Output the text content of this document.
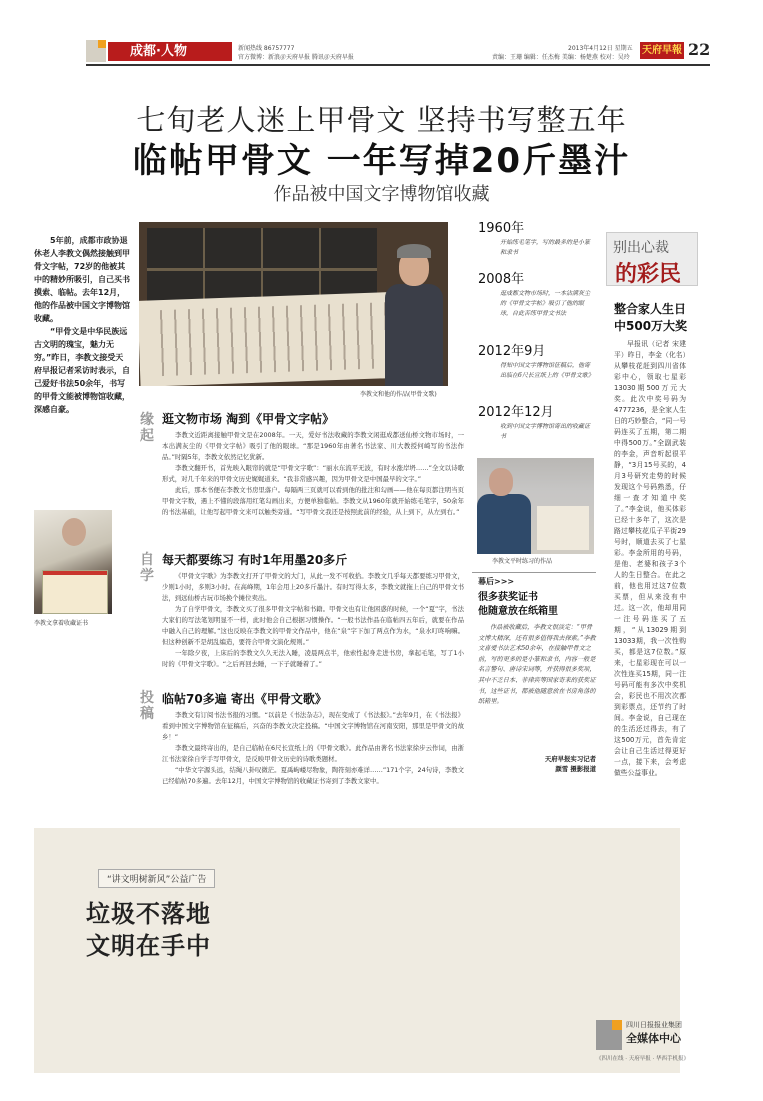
成都·人物	新闻热线 86757777
官方微博：新浪＠天府早报 腾讯＠天府早报
2013年4月12日 星期五
责编：王珊 编辑：任杰梅 美编：杨楚燕 校对：吴玲
天府早報 22
七旬老人迷上甲骨文 坚持书写整五年
临帖甲骨文 一年写掉20斤墨汁
作品被中国文字博物馆收藏

5年前，成都市政协退休老人李教文偶然接触到甲骨文字帖，72岁的他被其中的精妙所吸引，自己买书摸索、临帖。去年12月，他的作品被中国文字博物馆收藏。

“甲骨文是中华民族远古文明的瑰宝，魅力无穷。”昨日，李教文接受天府早报记者采访时表示，自己爱好书法50余年，书写的甲骨文能被博物馆收藏，深感自豪。

李教文拿着收藏证书
李教文和他的作品(甲骨文歌)
缘起
逛文物市场 淘到《甲骨文字帖》

李教文近距离接触甲骨文是在2008年。一天，爱好书法收藏的李教文闲逛成都送仙桥文物市场时，一本出满灰尘的《甲骨文字帖》吸引了他的眼球。“那是1960年由著名书法家、川大教授何崎写的书法作品。”时隔5年，李教文依然记忆犹新。

李教文翻开书，首先映入眼帘的就是“甲骨文字歌”：“丽水东流平无波，有时水涨岸坍……”全文以诗歌形式，对几千年来的甲骨文历史娓娓道来。“我非常感兴趣，因为甲骨文是中国最早的文字。”

此后，那本书便在李教文书房里落户。每隔两三页就可以看到他的批注和勾画——他在每页都注明当页甲骨文字数，遇上不懂的段落用红笔勾画出来，方便单独临帖。李教文从1960年就开始练毛笔字，50余年的书法基础，让他写起甲骨文来可以触类旁通。“写甲骨文我还是按照此前的经验，从上到下，从左到右。”

自学
每天都要练习 有时1年用墨20多斤

《甲骨文字歌》为李教文打开了甲骨文的大门，从此一发不可收拾。李教文几乎每天都要练习甲骨文，少则1小时，多则3小时。在高峰期，1年会用上20多斤墨汁。有时写得太多，李教文就拖上自己的甲骨文书法，到远仙桥古玩市场换个摊位卖出。

为了自学甲骨文，李教文买了很多甲骨文字帖和书籍。甲骨文也有让他困惑的时候，一个“夏”字，书法大家们的写法笔划明显不一样，此时他会自己根据习惯操作。“一般书法作品在临帖四五年后，就要在作品中融入自己的理解。”这也反映在李教文的甲骨文作品中，他在“泉”字下加了两点作为水，“泉水叮咚响嘛。但这种创新不是胡乱编造，要符合甲骨文演化规则。”

一年除夕夜，上床后的李教文久久无法入睡，凌晨两点半，他索性起身走进书房，拿起毛笔，写了1小时的《甲骨文字歌》。“之后再回去睡，一下子就睡着了。”

投稿
临帖70多遍 寄出《甲骨文歌》

李教文有订阅书法书报的习惯。“以前是《书法杂志》，现在变成了《书法报》。”去年9月，在《书法报》看到中国文字博物馆在征稿后，兴奋的李教文决定投稿。“中国文字博物馆在河南安阳，那里是甲骨文的故乡！”

李教文最终寄出的，是自己临帖在6尺长宣纸上的《甲骨文歌》。此作品由著名书法家徐步云作词，由浙江书法家徐自学手写甲骨文，是反映甲骨文历史的诗歌类题材。

“中华文字源头远，结绳八卦叹微茫。夏禹岣嵝尽物象，陶符刻亦难详……”171个字，24句诗，李教文已经临帖70多遍。去年12月，中国文字博物馆的收藏证书寄到了李教文家中。

1960年
开始练毛笔字，写的最多的是小篆和隶书
2008年
逛成都文物市场时，一本沾满灰尘的《甲骨文字帖》吸引了他的眼球，自此苦练甲骨文书法
2012年9月
得知中国文字博物馆征稿后，他寄出临在6尺长宣纸上的《甲骨文歌》
2012年12月
收到中国文字博物馆寄出的收藏证书
李教文平时练习的作品
幕后>>>
很多获奖证书
他随意放在纸箱里
作品被收藏后，李教文很淡定：“甲骨文博大精深，还有很多值得我去探索。”李教文喜爱书法艺术50余年，在接触甲骨文之前，写的更多的是小篆和隶书，内容一般是名言警句、唐诗宋词等，并获得很多奖项，其中不乏日本、菲律宾等国家寄来的获奖证书，这些证书，都被他随意放在书房角落的纸箱里。
天府早报实习记者
颜雪 摄影报道
别出心裁
的彩民
整合家人生日
中500万大奖
早报讯（记者 宋建平）昨日，李金（化名）从攀枝花赶到四川省体彩中心，领取七星彩13030期500万元大奖。此次中奖号码为4777236，是全家人生日的巧妙整合，“同一号码连买了五期，第二期中得500万。”全副武装的李金，声音听起很平静，“3月15号买的，4月3号研究走势的时候发现这个号码熟悉，仔细一查才知道中奖了。”李金说，他买体彩已经十多年了，这次是路过攀枝花瓜子平街29号时，顺道去买了七星彩。李金所用的号码，是他、老婆和孩子3个人的生日整合。在此之前，他也用过这7位数买票，但从来没有中过。这一次，他却用同一注号码连买了五期，“从13029期到13033期，我一次性购买，都是这7位数。”原来，七星彩现在可以一次性连买15期，同一注号码可能有多次中奖机会，彩民也不用次次都到彩票点，还节约了时间。李金说，自己现在的生活还过得去，有了这500万元，首先肯定会让自己生活过得更好一点，接下来，会考虑做些公益事业。
“讲文明树新风”公益广告
垃圾不落地
文明在手中
四川日报报业集团
全媒体中心
《四川在线 · 天府早报 · 华西手机报》
